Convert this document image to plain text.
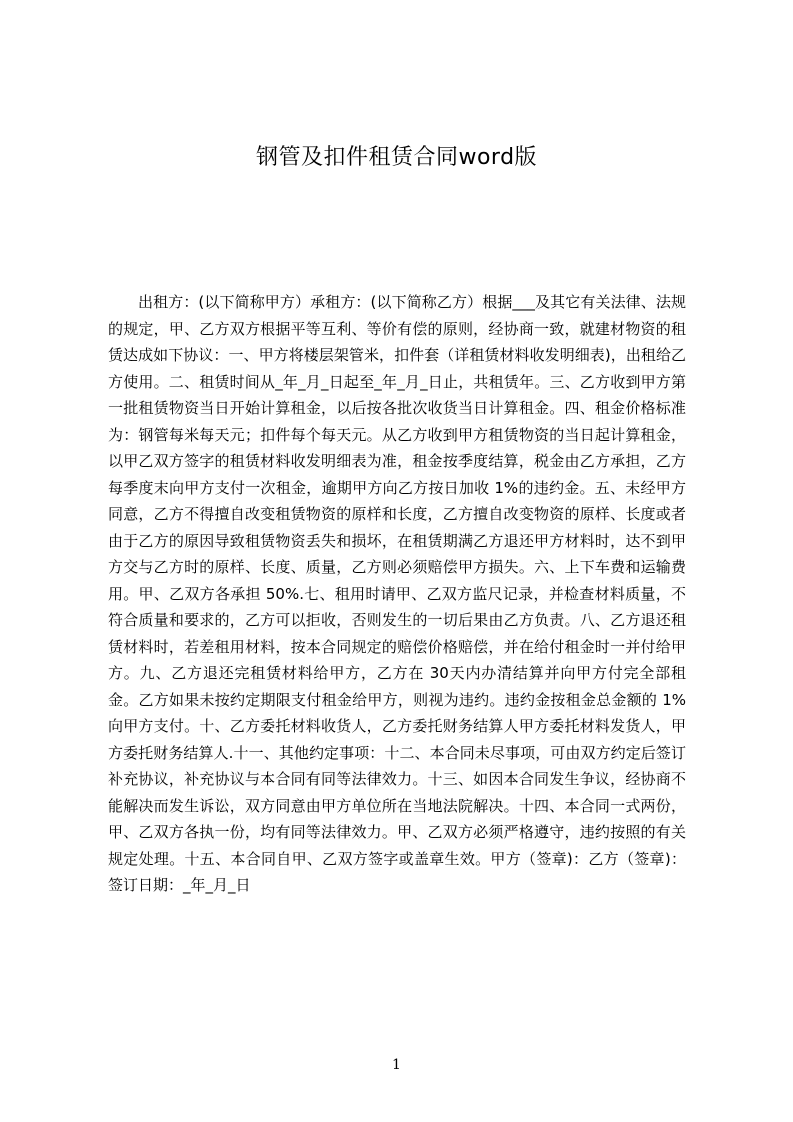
钢管及扣件租赁合同word版

出租方：(以下简称甲方）承租方：(以下简称乙方）根据___及其它有关法律、法规的规定，甲、乙方双方根据平等互利、等价有偿的原则，经协商一致，就建材物资的租赁达成如下协议：一、甲方将楼层架管米，扣件套（详租赁材料收发明细表)，出租给乙方使用。二、租赁时间从_年_月_日起至_年_月_日止，共租赁年。三、乙方收到甲方第一批租赁物资当日开始计算租金，以后按各批次收货当日计算租金。四、租金价格标准为：钢管每米每天元；扣件每个每天元。从乙方收到甲方租赁物资的当日起计算租金，以甲乙双方签字的租赁材料收发明细表为准，租金按季度结算，税金由乙方承担，乙方每季度末向甲方支付一次租金，逾期甲方向乙方按日加收 1%的违约金。五、未经甲方同意，乙方不得擅自改变租赁物资的原样和长度，乙方擅自改变物资的原样、长度或者由于乙方的原因导致租赁物资丢失和损坏，在租赁期满乙方退还甲方材料时，达不到甲方交与乙方时的原样、长度、质量，乙方则必须赔偿甲方损失。六、上下车费和运输费用。甲、乙双方各承担 50%.七、租用时请甲、乙双方监尺记录，并检查材料质量，不符合质量和要求的，乙方可以拒收，否则发生的一切后果由乙方负责。八、乙方退还租赁材料时，若差租用材料，按本合同规定的赔偿价格赔偿，并在给付租金时一并付给甲方。九、乙方退还完租赁材料给甲方，乙方在 30天内办清结算并向甲方付完全部租金。乙方如果未按约定期限支付租金给甲方，则视为违约。违约金按租金总金额的 1%向甲方支付。十、乙方委托材料收货人，乙方委托财务结算人甲方委托材料发货人，甲方委托财务结算人.十一、其他约定事项：十二、本合同未尽事项，可由双方约定后签订补充协议，补充协议与本合同有同等法律效力。十三、如因本合同发生争议，经协商不能解决而发生诉讼，双方同意由甲方单位所在当地法院解决。十四、本合同一式两份，甲、乙双方各执一份，均有同等法律效力。甲、乙双方必须严格遵守，违约按照的有关规定处理。十五、本合同自甲、乙双方签字或盖章生效。甲方（签章)：乙方（签章)：签订日期：_年_月_日

1
